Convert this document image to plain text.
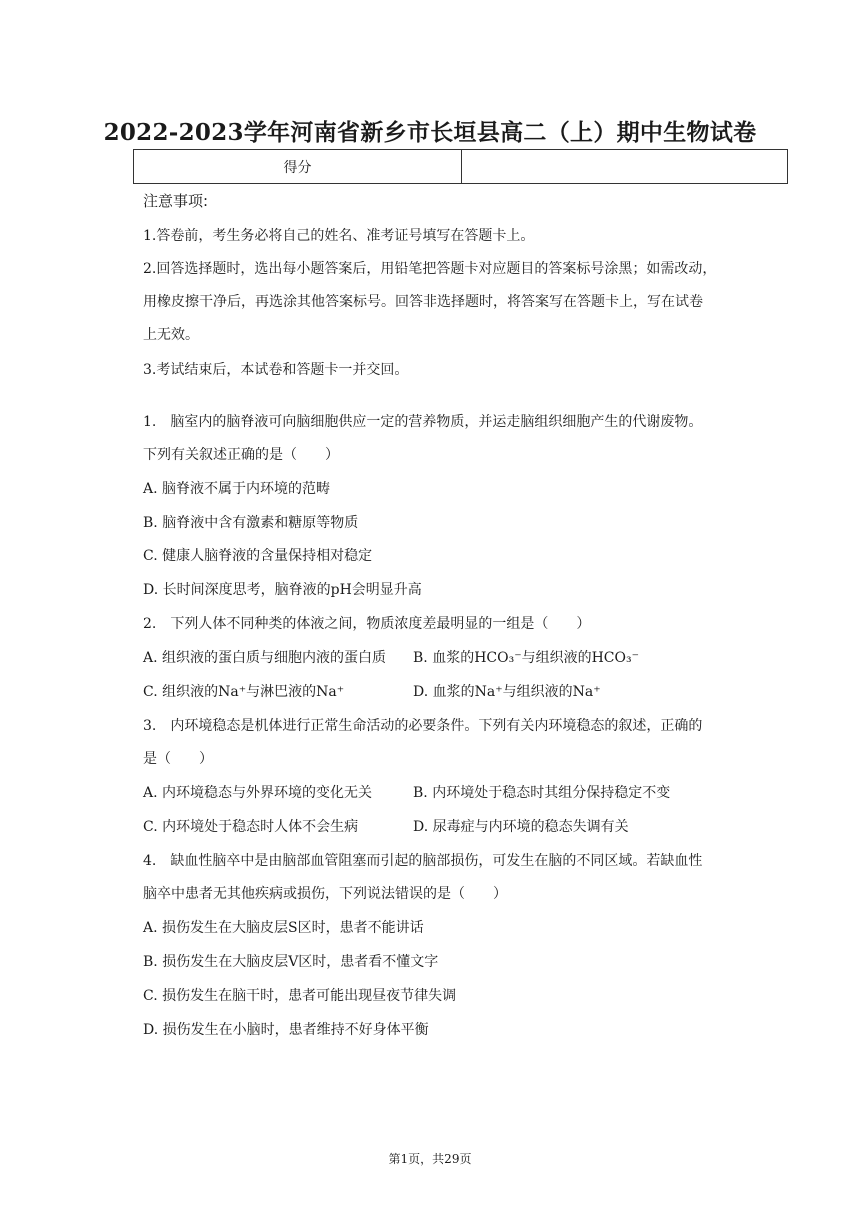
2022-2023学年河南省新乡市长垣县高二（上）期中生物试卷
得分	
注意事项:
1.答卷前，考生务必将自己的姓名、准考证号填写在答题卡上。
2.回答选择题时，选出每小题答案后，用铅笔把答题卡对应题目的答案标号涂黑；如需改动，
用橡皮擦干净后，再选涂其他答案标号。回答非选择题时，将答案写在答题卡上，写在试卷
上无效。
3.考试结束后，本试卷和答题卡一并交回。
1.　脑室内的脑脊液可向脑细胞供应一定的营养物质，并运走脑组织细胞产生的代谢废物。
下列有关叙述正确的是（　　）
A. 脑脊液不属于内环境的范畴
B. 脑脊液中含有激素和糖原等物质
C. 健康人脑脊液的含量保持相对稳定
D. 长时间深度思考，脑脊液的pH会明显升高
2.　下列人体不同种类的体液之间，物质浓度差最明显的一组是（　　）
A. 组织液的蛋白质与细胞内液的蛋白质 B. 血浆的HCO₃⁻与组织液的HCO₃⁻
C. 组织液的Na⁺与淋巴液的Na⁺	D. 血浆的Na⁺与组织液的Na⁺
3.　内环境稳态是机体进行正常生命活动的必要条件。下列有关内环境稳态的叙述，正确的
是（　　）
A. 内环境稳态与外界环境的变化无关	B. 内环境处于稳态时其组分保持稳定不变
C. 内环境处于稳态时人体不会生病	D. 尿毒症与内环境的稳态失调有关
4.　缺血性脑卒中是由脑部血管阻塞而引起的脑部损伤，可发生在脑的不同区域。若缺血性
脑卒中患者无其他疾病或损伤，下列说法错误的是（　　）
A. 损伤发生在大脑皮层S区时，患者不能讲话
B. 损伤发生在大脑皮层V区时，患者看不懂文字
C. 损伤发生在脑干时，患者可能出现昼夜节律失调
D. 损伤发生在小脑时，患者维持不好身体平衡
第1页，共29页
